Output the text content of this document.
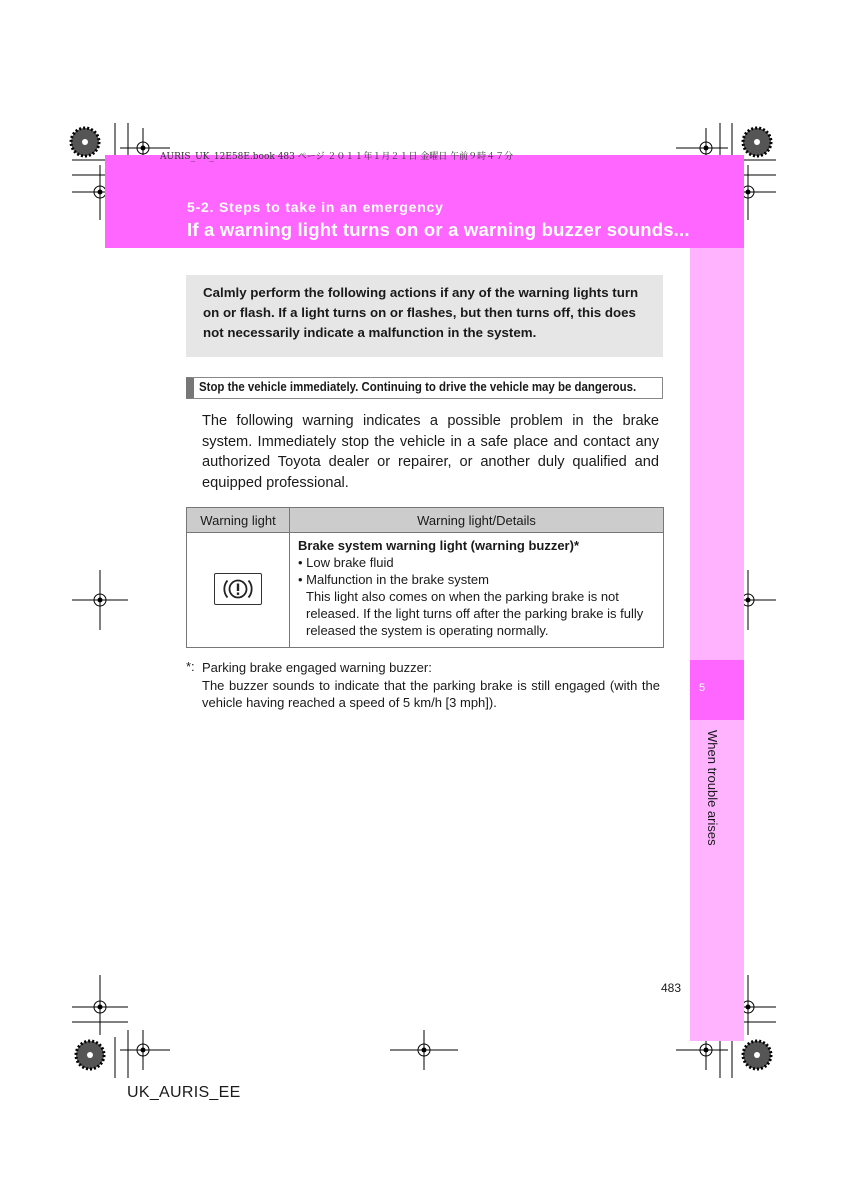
AURIS_UK_12E58E.book 483 ページ ２０１１年１月２１日 金曜日 午前９時４７分
5-2. Steps to take in an emergency
If a warning light turns on or a warning buzzer sounds...
5
When trouble arises
Calmly perform the following actions if any of the warning lights turn on or flash. If a light turns on or flashes, but then turns off, this does not necessarily indicate a malfunction in the system.
Stop the vehicle immediately. Continuing to drive the vehicle may be dangerous.
The following warning indicates a possible problem in the brake system. Immediately stop the vehicle in a safe place and contact any authorized Toyota dealer or repairer, or another duly qualified and equipped professional.
Warning light	Warning light/Details

Brake system warning light (warning buzzer)*
• Low brake fluid
• Malfunction in the brake system
This light also comes on when the parking brake is not released. If the light turns off after the parking brake is fully released the system is operating normally.
*: Parking brake engaged warning buzzer:
The buzzer sounds to indicate that the parking brake is still engaged (with the vehicle having reached a speed of 5 km/h [3 mph]).
483
UK_AURIS_EE
